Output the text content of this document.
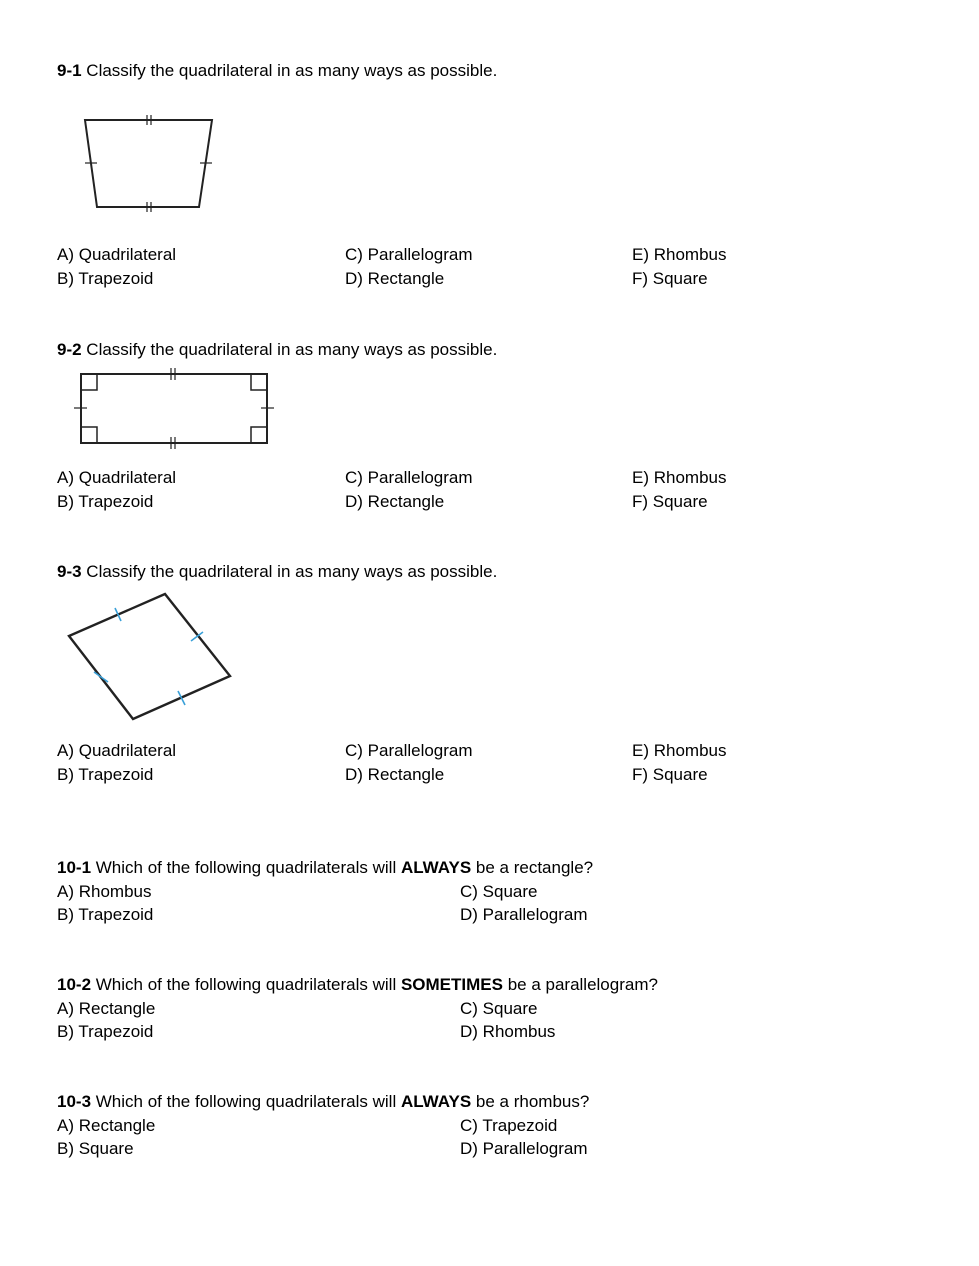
9-1 Classify the quadrilateral in as many ways as possible.
A) Quadrilateral
B) Trapezoid
C) Parallelogram
D) Rectangle
E) Rhombus
F) Square
9-2 Classify the quadrilateral in as many ways as possible.
A) Quadrilateral
B) Trapezoid
C) Parallelogram
D) Rectangle
E) Rhombus
F) Square
9-3 Classify the quadrilateral in as many ways as possible.
A) Quadrilateral
B) Trapezoid
C) Parallelogram
D) Rectangle
E) Rhombus
F) Square
10-1 Which of the following quadrilaterals will ALWAYS be a rectangle?
A) Rhombus
B) Trapezoid
C) Square
D) Parallelogram
10-2 Which of the following quadrilaterals will SOMETIMES be a parallelogram?
A) Rectangle
B) Trapezoid
C) Square
D) Rhombus
10-3 Which of the following quadrilaterals will ALWAYS be a rhombus?
A) Rectangle
B) Square
C) Trapezoid
D) Parallelogram
